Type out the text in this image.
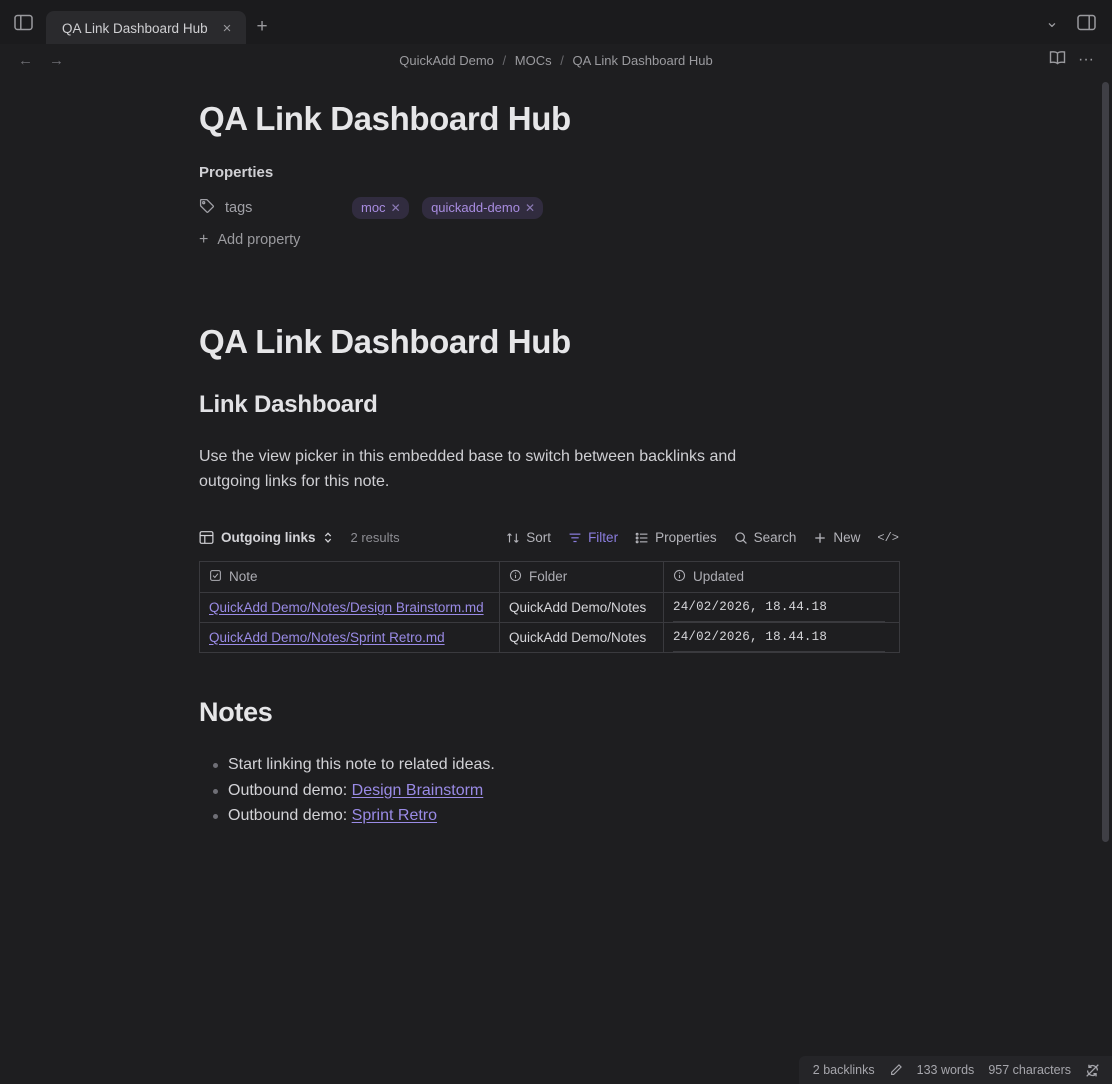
QA Link Dashboard Hub	×	+	⌄
← →	QuickAdd Demo / MOCs / QA Link Dashboard Hub	···
QA Link Dashboard Hub
Properties
tags	moc ✕
quickadd-demo ✕
+ Add property
QA Link Dashboard Hub
Link Dashboard

Use the view picker in this embedded base to switch between backlinks and outgoing links for this note.

Outgoing links	2 results	Sort	Filter	Properties	Search	New </>
Note	Folder	Updated

QuickAdd Demo/Notes/Design Brainstorm.md	QuickAdd Demo/Notes	24/02/2026, 18.44.18
QuickAdd Demo/Notes/Sprint Retro.md	QuickAdd Demo/Notes	24/02/2026, 18.44.18
Notes
Start linking this note to related ideas.
Outbound demo: Design Brainstorm
Outbound demo: Sprint Retro
2 backlinks	133 words 957 characters
